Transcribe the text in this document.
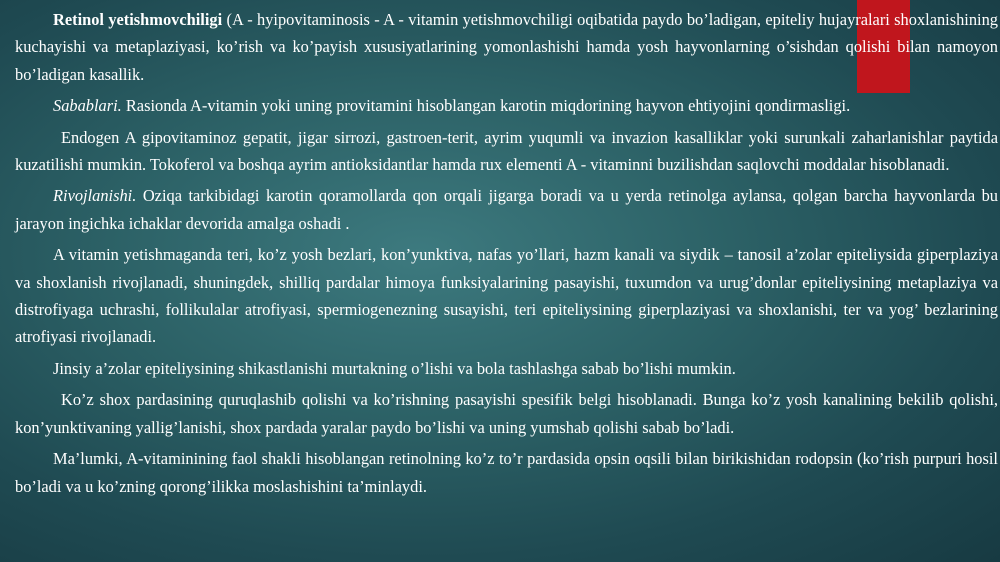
Retinol yetishmovchiligi (A - hyipovitaminosis - A - vitamin yetishmovchiligi oqibatida paydo bo’ladigan, epiteliy hujayralari shoxlanishining kuchayishi va metaplaziyasi, ko’rish va ko’payish xususiyatlarining yomonlashishi hamda yosh hayvonlarning o’sishdan qolishi bilan namoyon bo’ladigan kasallik.

Sabablari. Rasionda A-vitamin yoki uning provitamini hisoblangan karotin miqdorining hayvon ehtiyojini qondirmasligi.

Endogen A gipovitaminoz gepatit, jigar sirrozi, gastroen-terit, ayrim yuqumli va invazion kasalliklar yoki surunkali zaharlanishlar paytida kuzatilishi mumkin. Tokoferol va boshqa ayrim antioksidantlar hamda rux elementi A - vitaminni buzilishdan saqlovchi moddalar hisoblanadi.

Rivojlanishi. Oziqa tarkibidagi karotin qoramollarda qon orqali jigarga boradi va u yerda retinolga aylansa, qolgan barcha hayvonlarda bu jarayon ingichka ichaklar devorida amalga oshadi .

A vitamin yetishmaganda teri, ko’z yosh bezlari, kon’yunktiva, nafas yo’llari, hazm kanali va siydik – tanosil a’zolar epiteliysida giperplaziya va shoxlanish rivojlanadi, shuningdek, shilliq pardalar himoya funksiyalarining pasayishi, tuxumdon va urug’donlar epiteliysining metaplaziya va distrofiyaga uchrashi, follikulalar atrofiyasi, spermiogenezning susayishi, teri epiteliysining giperplaziyasi va shoxlanishi, ter va yog’ bezlarining atrofiyasi rivojlanadi.

Jinsiy a’zolar epiteliysining shikastlanishi murtakning o’lishi va bola tashlashga sabab bo’lishi mumkin.

Ko’z shox pardasining quruqlashib qolishi va ko’rishning pasayishi spesifik belgi hisoblanadi. Bunga ko’z yosh kanalining bekilib qolishi, kon’yunktivaning yallig’lanishi, shox pardada yaralar paydo bo’lishi va uning yumshab qolishi sabab bo’ladi.

Ma’lumki, A-vitaminining faol shakli hisoblangan retinolning ko’z to’r pardasida opsin oqsili bilan birikishidan rodopsin (ko’rish purpuri hosil bo’ladi va u ko’zning qorong’ilikka moslashishini ta’minlaydi.
